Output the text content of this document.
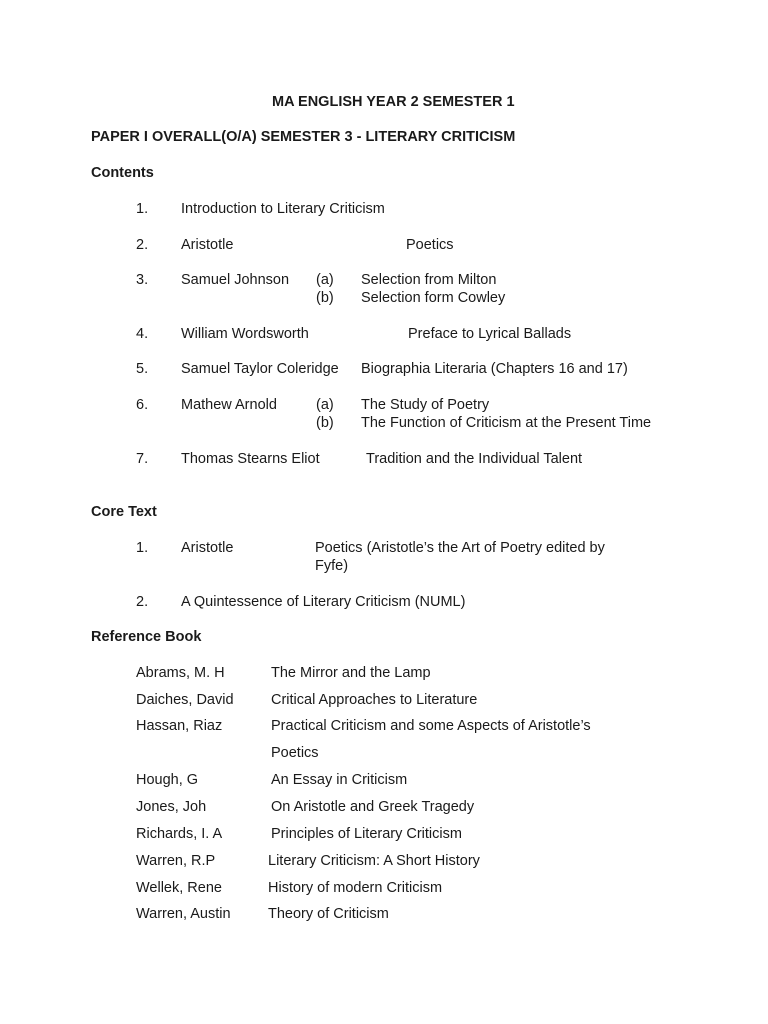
MA ENGLISH YEAR 2 SEMESTER 1
PAPER I OVERALL(O/A) SEMESTER 3 - LITERARY CRITICISM
Contents
1. Introduction to Literary Criticism
2. Aristotle	Poetics
3. Samuel Johnson (a) Selection from Milton
(b) Selection form Cowley
4. William Wordsworth	Preface to Lyrical Ballads
5. Samuel Taylor Coleridge Biographia Literaria (Chapters 16 and 17)
6. Mathew Arnold	(a) The Study of Poetry
(b) The Function of Criticism at the Present Time
7. Thomas Stearns Eliot	Tradition and the Individual Talent
Core Text
1. Aristotle	Poetics (Aristotle’s the Art of Poetry edited by
Fyfe)
2. A Quintessence of Literary Criticism (NUML)
Reference Book
Abrams, M. H	The Mirror and the Lamp
Daiches, David	Critical Approaches to Literature
Hassan, Riaz	Practical Criticism and some Aspects of Aristotle’s
Poetics
Hough, G	An Essay in Criticism
Jones, Joh	On Aristotle and Greek Tragedy
Richards, I. A	Principles of Literary Criticism
Warren, R.P	Literary Criticism: A Short History
Wellek, Rene	History of modern Criticism
Warren, Austin	Theory of Criticism
